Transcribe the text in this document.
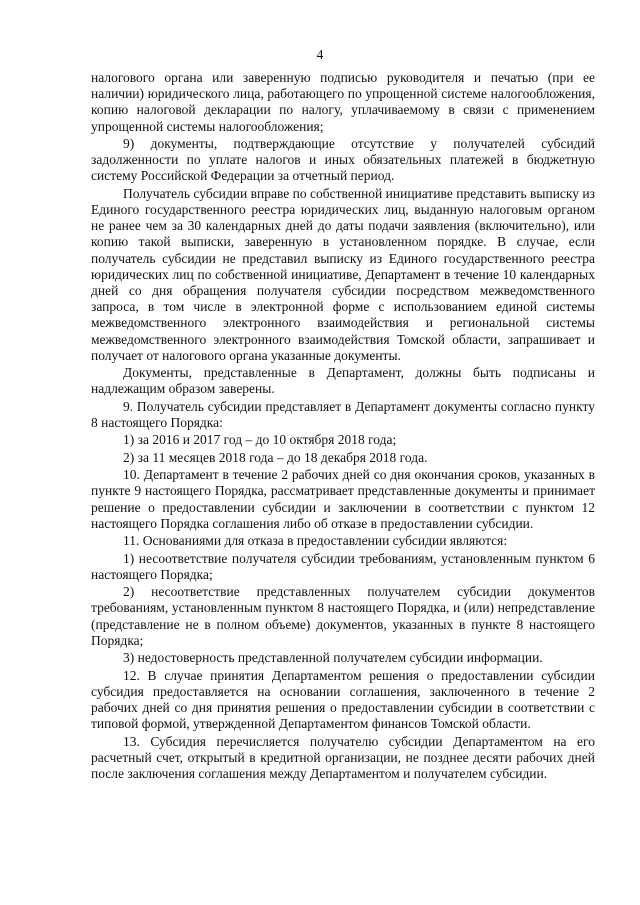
4

налогового органа или заверенную подписью руководителя и печатью (при ее наличии) юридического лица, работающего по упрощенной системе налогообложения, копию налоговой декларации по налогу, уплачиваемому в связи с применением упрощенной системы налогообложения;

9) документы, подтверждающие отсутствие у получателей субсидий задолженности по уплате налогов и иных обязательных платежей в бюджетную систему Российской Федерации за отчетный период.

Получатель субсидии вправе по собственной инициативе представить выписку из Единого государственного реестра юридических лиц, выданную налоговым органом не ранее чем за 30 календарных дней до даты подачи заявления (включительно), или копию такой выписки, заверенную в установленном порядке. В случае, если получатель субсидии не представил выписку из Единого государственного реестра юридических лиц по собственной инициативе, Департамент в течение 10 календарных дней со дня обращения получателя субсидии посредством межведомственного запроса, в том числе в электронной форме с использованием единой системы межведомственного электронного взаимодействия и региональной системы межведомственного электронного взаимодействия Томской области, запрашивает и получает от налогового органа указанные документы.

Документы, представленные в Департамент, должны быть подписаны и надлежащим образом заверены.

9. Получатель субсидии представляет в Департамент документы согласно пункту 8 настоящего Порядка:

1) за 2016 и 2017 год – до 10 октября 2018 года;

2) за 11 месяцев 2018 года – до 18 декабря 2018 года.

10. Департамент в течение 2 рабочих дней со дня окончания сроков, указанных в пункте 9 настоящего Порядка, рассматривает представленные документы и принимает решение о предоставлении субсидии и заключении в соответствии с пунктом 12 настоящего Порядка соглашения либо об отказе в предоставлении субсидии.

11. Основаниями для отказа в предоставлении субсидии являются:

1) несоответствие получателя субсидии требованиям, установленным пунктом 6 настоящего Порядка;

2) несоответствие представленных получателем субсидии документов требованиям, установленным пунктом 8 настоящего Порядка, и (или) непредставление (представление не в полном объеме) документов, указанных в пункте 8 настоящего Порядка;

3) недостоверность представленной получателем субсидии информации.

12. В случае принятия Департаментом решения о предоставлении субсидии субсидия предоставляется на основании соглашения, заключенного в течение 2 рабочих дней со дня принятия решения о предоставлении субсидии в соответствии с типовой формой, утвержденной Департаментом финансов Томской области.

13. Субсидия перечисляется получателю субсидии Департаментом на его расчетный счет, открытый в кредитной организации, не позднее десяти рабочих дней после заключения соглашения между Департаментом и получателем субсидии.
